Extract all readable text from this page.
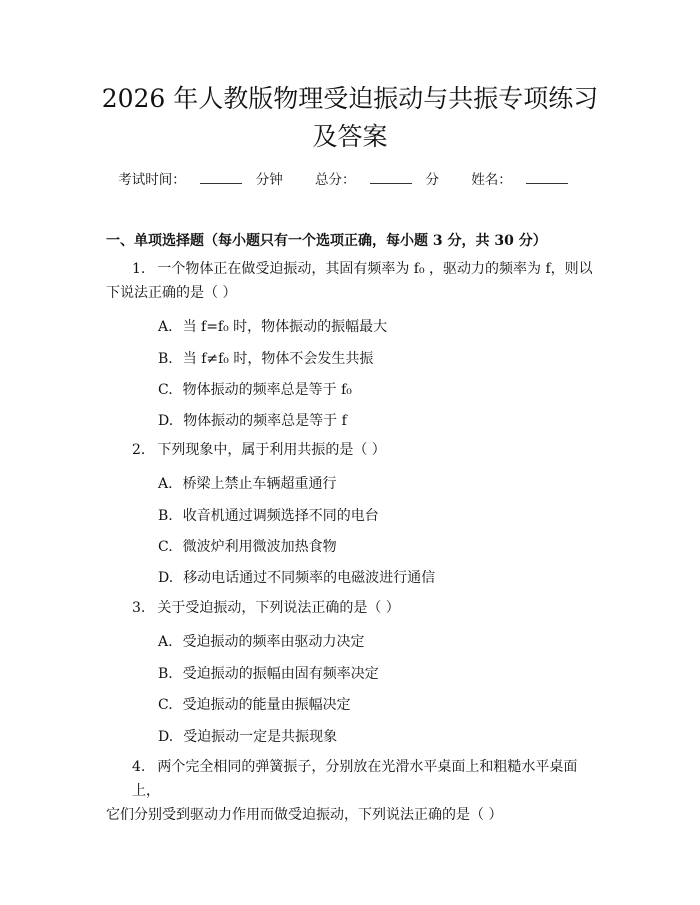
2026 年人教版物理受迫振动与共振专项练习
及答案
考试时间：	分钟 总分：	分 姓名：
一、单项选择题（每小题只有一个选项正确，每小题 3 分，共 30 分）
1. 一个物体正在做受迫振动，其固有频率为 f₀ ，驱动力的频率为 f，则以
下说法正确的是（ ）
A. 当 f=f₀ 时，物体振动的振幅最大
B. 当 f≠f₀ 时，物体不会发生共振
C. 物体振动的频率总是等于 f₀
D. 物体振动的频率总是等于 f
2. 下列现象中，属于利用共振的是（ ）
A. 桥梁上禁止车辆超重通行
B. 收音机通过调频选择不同的电台
C. 微波炉利用微波加热食物
D. 移动电话通过不同频率的电磁波进行通信
3. 关于受迫振动，下列说法正确的是（ ）
A. 受迫振动的频率由驱动力决定
B. 受迫振动的振幅由固有频率决定
C. 受迫振动的能量由振幅决定
D. 受迫振动一定是共振现象
4. 两个完全相同的弹簧振子，分别放在光滑水平桌面上和粗糙水平桌面上，
它们分别受到驱动力作用而做受迫振动，下列说法正确的是（ ）
